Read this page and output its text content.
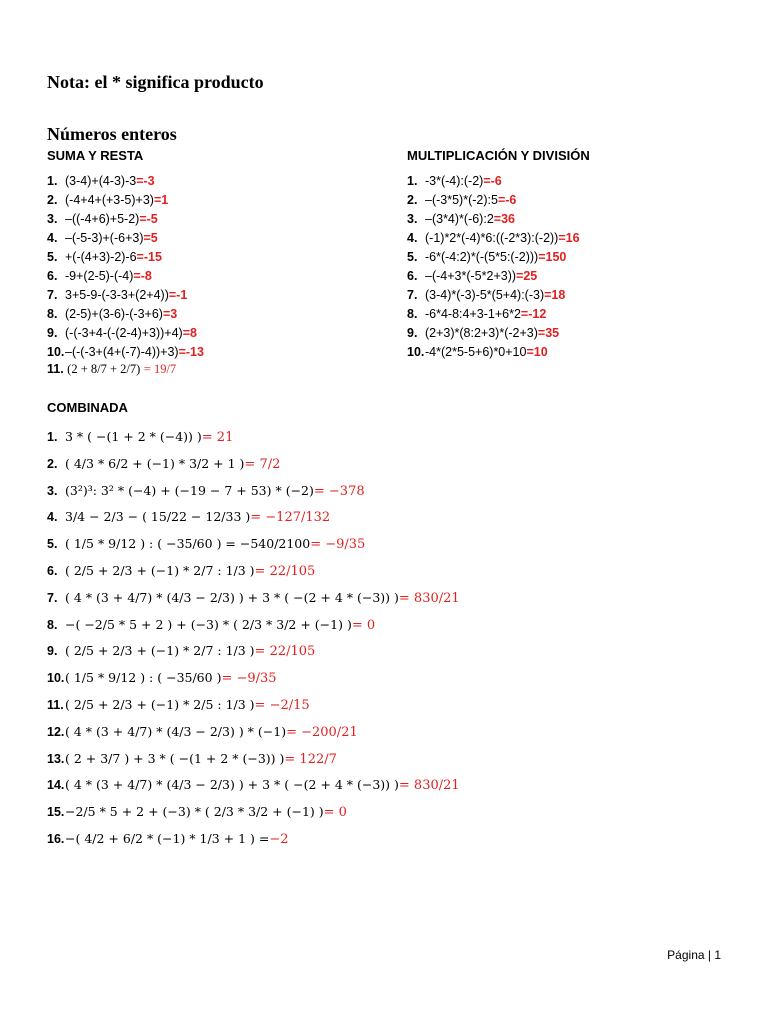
Nota: el * significa producto
Números enteros
SUMA Y RESTA	MULTIPLICACIÓN Y DIVISIÓN
1. (3-4)+(4-3)-3=-3
2. (-4+4+(+3-5)+3)=1
3. –((-4+6)+5-2)=-5
4. –(-5-3)+(-6+3)=5
5. +(-(4+3)-2)-6=-15
6. -9+(2-5)-(-4)=-8
7. 3+5-9-(-3-3+(2+4))=-1
8. (2-5)+(3-6)-(-3+6)=3
9. (-(-3+4-(-(2-4)+3))+4)=8
10.–(-(-3+(4+(-7)-4))+3)=-13
11. (2 + 8/7 + 2/7) = 19/7
1. -3*(-4):(-2)=-6
2. –(-3*5)*(-2):5=-6
3. –(3*4)*(-6):2=36
4. (-1)*2*(-4)*6:((-2*3):(-2))=16
5. -6*(-4:2)*(-(5*5:(-2)))=150
6. –(-4+3*(-5*2+3))=25
7. (3-4)*(-3)-5*(5+4):(-3)=18
8. -6*4-8:4+3-1+6*2=-12
9. (2+3)*(8:2+3)*(-2+3)=35
10.-4*(2*5-5+6)*0+10=10
COMBINADA
1. 3 * ( −(1 + 2 * (−4)) )= 21
2. ( 4/3 * 6/2 + (−1) * 3/2 + 1 )= 7/2
3. (3²)³: 3² * (−4) + (−19 − 7 + 53) * (−2)= −378
4. 3/4 − 2/3 − ( 15/22 − 12/33 )= −127/132
5. ( 1/5 * 9/12 ) : ( −35/60 ) = −540/2100= −9/35
6. ( 2/5 + 2/3 + (−1) * 2/7 : 1/3 )= 22/105
7. ( 4 * (3 + 4/7) * (4/3 − 2/3) ) + 3 * ( −(2 + 4 * (−3)) )= 830/21
8. −( −2/5 * 5 + 2 ) + (−3) * ( 2/3 * 3/2 + (−1) )= 0
9. ( 2/5 + 2/3 + (−1) * 2/7 : 1/3 )= 22/105
10.( 1/5 * 9/12 ) : ( −35/60 )= −9/35
11.( 2/5 + 2/3 + (−1) * 2/5 : 1/3 )= −2/15
12.( 4 * (3 + 4/7) * (4/3 − 2/3) ) * (−1)= −200/21
13.( 2 + 3/7 ) + 3 * ( −(1 + 2 * (−3)) )= 122/7
14.( 4 * (3 + 4/7) * (4/3 − 2/3) ) + 3 * ( −(2 + 4 * (−3)) )= 830/21
15.−2/5 * 5 + 2 + (−3) * ( 2/3 * 3/2 + (−1) )= 0
16.−( 4/2 + 6/2 * (−1) * 1/3 + 1 ) =−2
Página | 1
